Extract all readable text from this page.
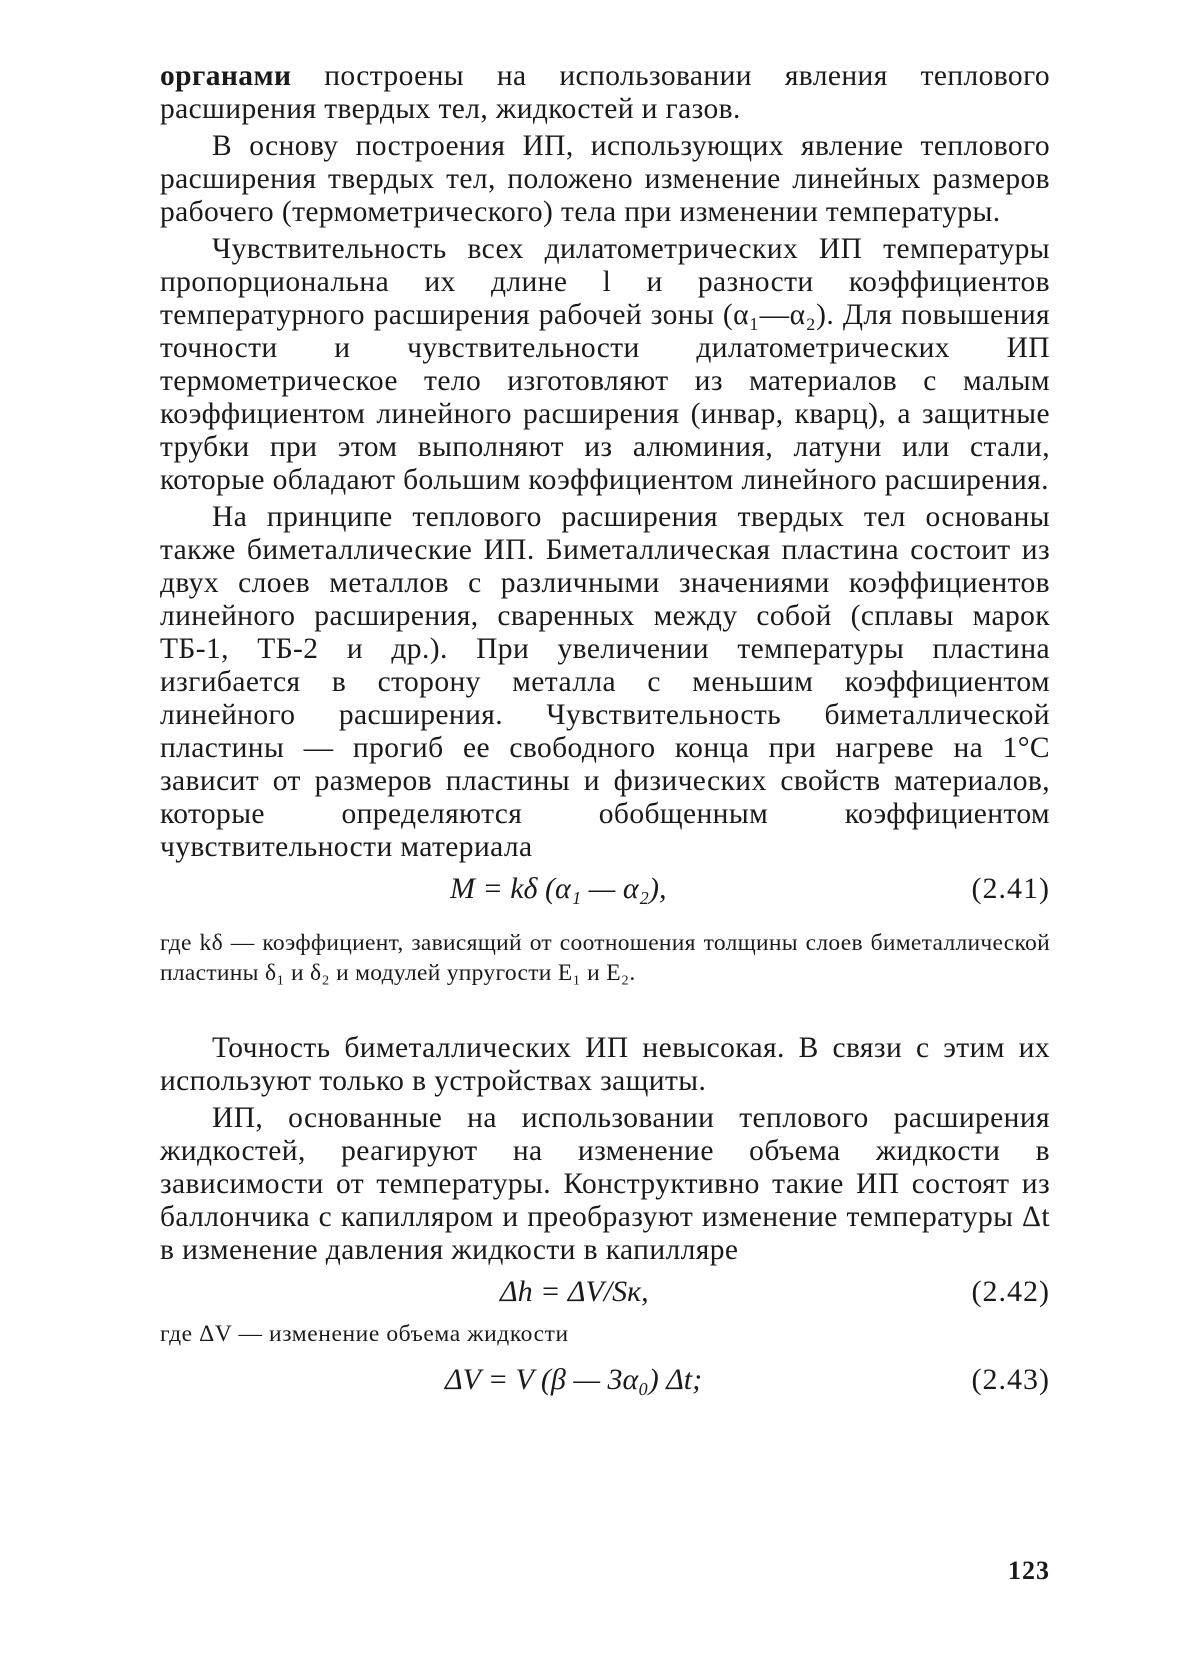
органами построены на использовании явления теплового расширения твердых тел, жидкостей и газов.

В основу построения ИП, использующих явление теплового расширения твердых тел, положено изменение линейных размеров рабочего (термометрического) тела при изменении температуры.

Чувствительность всех дилатометрических ИП температуры пропорциональна их длине l и разности коэффициентов температурного расширения рабочей зоны (α₁—α₂). Для повышения точности и чувствительности дилатометрических ИП термометрическое тело изготовляют из материалов с малым коэффициентом линейного расширения (инвар, кварц), а защитные трубки при этом выполняют из алюминия, латуни или стали, которые обладают большим коэффициентом линейного расширения.

На принципе теплового расширения твердых тел основаны также биметаллические ИП. Биметаллическая пластина состоит из двух слоев металлов с различными значениями коэффициентов линейного расширения, сваренных между собой (сплавы марок ТБ-1, ТБ-2 и др.). При увеличении температуры пластина изгибается в сторону металла с меньшим коэффициентом линейного расширения. Чувствительность биметаллической пластины — прогиб ее свободного конца при нагреве на 1°С зависит от размеров пластины и физических свойств материалов, которые определяются обобщенным коэффициентом чувствительности материала

M = kδ (α₁ — α₂),	(2.41)

где kδ — коэффициент, зависящий от соотношения толщины слоев биметаллической пластины δ₁ и δ₂ и модулей упругости E₁ и E₂.

Точность биметаллических ИП невысокая. В связи с этим их используют только в устройствах защиты.

ИП, основанные на использовании теплового расширения жидкостей, реагируют на изменение объема жидкости в зависимости от температуры. Конструктивно такие ИП состоят из баллончика с капилляром и преобразуют изменение температуры Δt в изменение давления жидкости в капилляре

Δh = ΔV/Sк,	(2.42)

где ΔV — изменение объема жидкости

ΔV = V (β — 3α₀) Δt;	(2.43)
123
